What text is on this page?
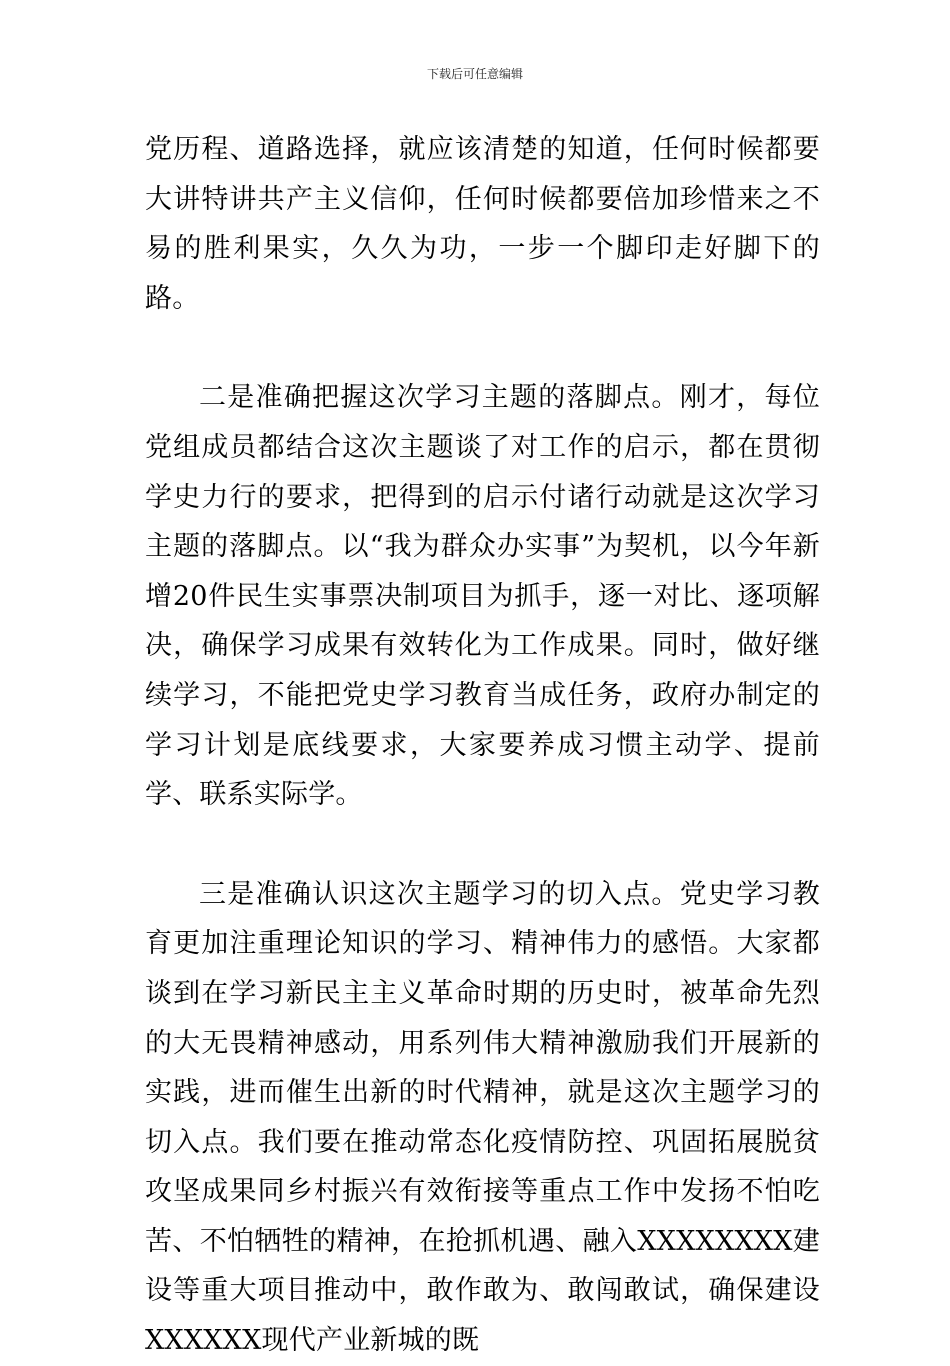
下载后可任意编辑

党历程、道路选择，就应该清楚的知道，任何时候都要大讲特讲共产主义信仰，任何时候都要倍加珍惜来之不易的胜利果实，久久为功，一步一个脚印走好脚下的路。

二是准确把握这次学习主题的落脚点。刚才，每位党组成员都结合这次主题谈了对工作的启示，都在贯彻学史力行的要求，把得到的启示付诸行动就是这次学习主题的落脚点。以“我为群众办实事”为契机，以今年新增20件民生实事票决制项目为抓手，逐一对比、逐项解决，确保学习成果有效转化为工作成果。同时，做好继续学习，不能把党史学习教育当成任务，政府办制定的学习计划是底线要求，大家要养成习惯主动学、提前学、联系实际学。

三是准确认识这次主题学习的切入点。党史学习教育更加注重理论知识的学习、精神伟力的感悟。大家都谈到在学习新民主主义革命时期的历史时，被革命先烈的大无畏精神感动，用系列伟大精神激励我们开展新的实践，进而催生出新的时代精神，就是这次主题学习的切入点。我们要在推动常态化疫情防控、巩固拓展脱贫攻坚成果同乡村振兴有效衔接等重点工作中发扬不怕吃苦、不怕牺牲的精神，在抢抓机遇、融入XXXXXXXX建设等重大项目推动中，敢作敢为、敢闯敢试，确保建设XXXXXX现代产业新城的既
